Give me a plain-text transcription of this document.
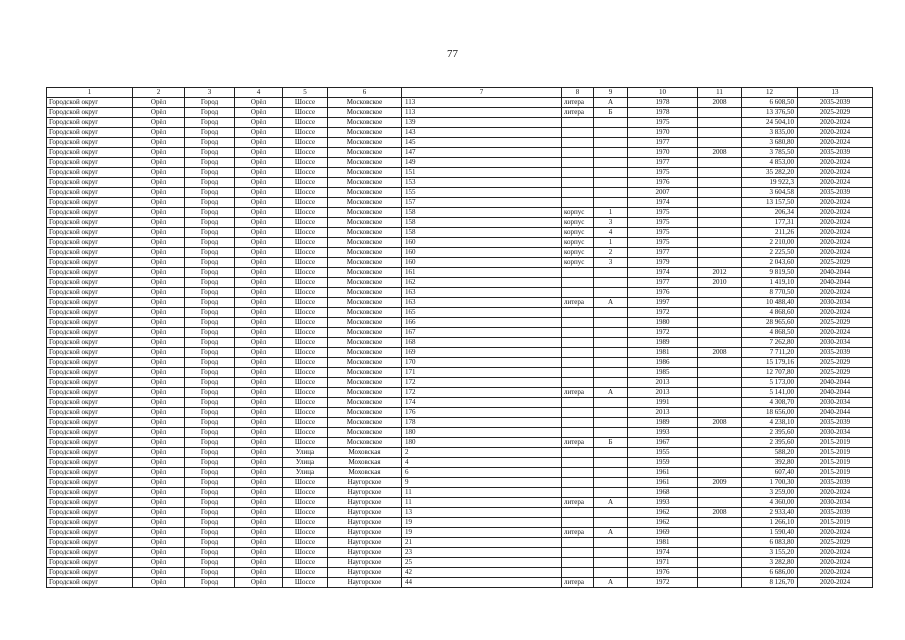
77
1	2	3	4	5	6	7	8	9	10	11	12	13
Городской округ	Орёл	Город	Орёл	Шоссе	Московское	113	литера	А	1978	2008	6 608,50	2035-2039
Городской округ	Орёл	Город	Орёл	Шоссе	Московское	113	литера	Б	1978		13 376,50	2025-2029
Городской округ	Орёл	Город	Орёл	Шоссе	Московское	139			1975		24 504,10	2020-2024
Городской округ	Орёл	Город	Орёл	Шоссе	Московское	143			1970		3 835,00	2020-2024
Городской округ	Орёл	Город	Орёл	Шоссе	Московское	145			1977		3 680,80	2020-2024
Городской округ	Орёл	Город	Орёл	Шоссе	Московское	147			1970	2008	3 785,50	2035-2039
Городской округ	Орёл	Город	Орёл	Шоссе	Московское	149			1977		4 853,00	2020-2024
Городской округ	Орёл	Город	Орёл	Шоссе	Московское	151			1975		35 282,20	2020-2024
Городской округ	Орёл	Город	Орёл	Шоссе	Московское	153			1976		19 922,3	2020-2024
Городской округ	Орёл	Город	Орёл	Шоссе	Московское	155			2007		3 604,58	2035-2039
Городской округ	Орёл	Город	Орёл	Шоссе	Московское	157			1974		13 157,50	2020-2024
Городской округ	Орёл	Город	Орёл	Шоссе	Московское	158	корпус	1	1975		206,34	2020-2024
Городской округ	Орёл	Город	Орёл	Шоссе	Московское	158	корпус	3	1975		177,31	2020-2024
Городской округ	Орёл	Город	Орёл	Шоссе	Московское	158	корпус	4	1975		211,26	2020-2024
Городской округ	Орёл	Город	Орёл	Шоссе	Московское	160	корпус	1	1975		2 210,00	2020-2024
Городской округ	Орёл	Город	Орёл	Шоссе	Московское	160	корпус	2	1977		2 225,50	2020-2024
Городской округ	Орёл	Город	Орёл	Шоссе	Московское	160	корпус	3	1979		2 043,60	2025-2029
Городской округ	Орёл	Город	Орёл	Шоссе	Московское	161			1974	2012	9 819,50	2040-2044
Городской округ	Орёл	Город	Орёл	Шоссе	Московское	162			1977	2010	1 419,10	2040-2044
Городской округ	Орёл	Город	Орёл	Шоссе	Московское	163			1976		8 770,50	2020-2024
Городской округ	Орёл	Город	Орёл	Шоссе	Московское	163	литера	А	1997		10 488,40	2030-2034
Городской округ	Орёл	Город	Орёл	Шоссе	Московское	165			1972		4 868,60	2020-2024
Городской округ	Орёл	Город	Орёл	Шоссе	Московское	166			1980		28 965,60	2025-2029
Городской округ	Орёл	Город	Орёл	Шоссе	Московское	167			1972		4 868,50	2020-2024
Городской округ	Орёл	Город	Орёл	Шоссе	Московское	168			1989		7 262,80	2030-2034
Городской округ	Орёл	Город	Орёл	Шоссе	Московское	169			1981	2008	7 711,20	2035-2039
Городской округ	Орёл	Город	Орёл	Шоссе	Московское	170			1986		15 179,16	2025-2029
Городской округ	Орёл	Город	Орёл	Шоссе	Московское	171			1985		12 707,80	2025-2029
Городской округ	Орёл	Город	Орёл	Шоссе	Московское	172			2013		5 173,00	2040-2044
Городской округ	Орёл	Город	Орёл	Шоссе	Московское	172	литера	А	2013		5 141,00	2040-2044
Городской округ	Орёл	Город	Орёл	Шоссе	Московское	174			1991		4 308,70	2030-2034
Городской округ	Орёл	Город	Орёл	Шоссе	Московское	176			2013		18 656,00	2040-2044
Городской округ	Орёл	Город	Орёл	Шоссе	Московское	178			1989	2008	4 238,10	2035-2039
Городской округ	Орёл	Город	Орёл	Шоссе	Московское	180			1993		2 395,60	2030-2034
Городской округ	Орёл	Город	Орёл	Шоссе	Московское	180	литера	Б	1967		2 395,60	2015-2019
Городской округ	Орёл	Город	Орёл	Улица	Моховская	2			1955		588,20	2015-2019
Городской округ	Орёл	Город	Орёл	Улица	Моховская	4			1959		392,80	2015-2019
Городской округ	Орёл	Город	Орёл	Улица	Моховская	6			1961		607,40	2015-2019
Городской округ	Орёл	Город	Орёл	Шоссе	Наугорское	9			1961	2009	1 700,30	2035-2039
Городской округ	Орёл	Город	Орёл	Шоссе	Наугорское	11			1968		3 259,00	2020-2024
Городской округ	Орёл	Город	Орёл	Шоссе	Наугорское	11	литера	А	1993		4 360,00	2030-2034
Городской округ	Орёл	Город	Орёл	Шоссе	Наугорское	13			1962	2008	2 933,40	2035-2039
Городской округ	Орёл	Город	Орёл	Шоссе	Наугорское	19			1962		1 266,10	2015-2019
Городской округ	Орёл	Город	Орёл	Шоссе	Наугорское	19	литера	А	1969		1 590,40	2020-2024
Городской округ	Орёл	Город	Орёл	Шоссе	Наугорское	21			1981		6 083,80	2025-2029
Городской округ	Орёл	Город	Орёл	Шоссе	Наугорское	23			1974		3 155,20	2020-2024
Городской округ	Орёл	Город	Орёл	Шоссе	Наугорское	25			1971		3 282,80	2020-2024
Городской округ	Орёл	Город	Орёл	Шоссе	Наугорское	42			1976		6 686,00	2020-2024
Городской округ	Орёл	Город	Орёл	Шоссе	Наугорское	44	литера	А	1972		8 126,70	2020-2024
